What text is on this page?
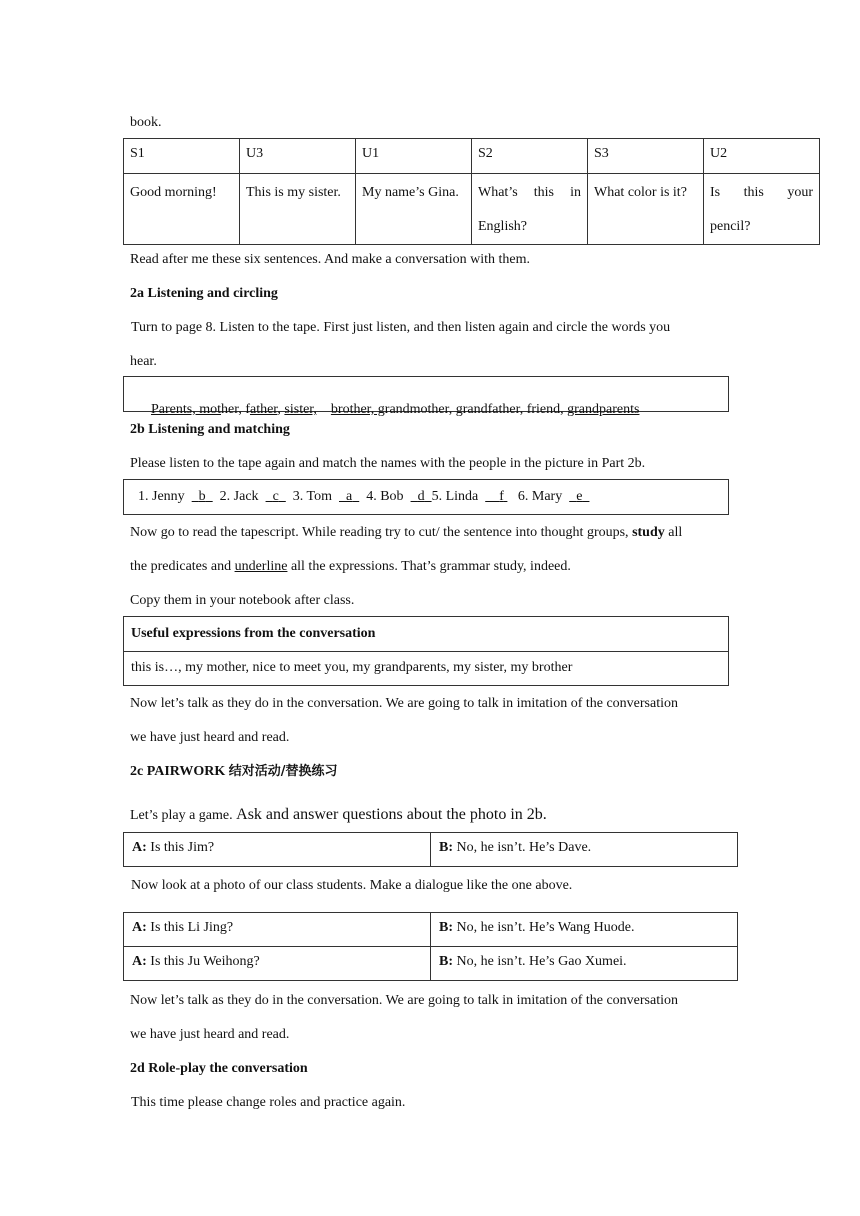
book.
S1	U3	U1	S2	S3	U2
Good morning!	This is my sister.	My name’s Gina.	What’s this in English?	What color is it?	Is this your pencil?
Read after me these six sentences. And make a conversation with them.
2a Listening and circling
Turn to page 8. Listen to the tape. First just listen, and then listen again and circle the words you
hear.

Parents, mother, father, sister, brother, grandmother, grandfather, friend, grandparents

2b Listening and matching
Please listen to the tape again and match the names with the people in the picture in Part 2b.
1. Jenny b 2. Jack c 3. Tom a 4. Bob d 5. Linda f 6. Mary e
Now go to read the tapescript. While reading try to cut/ the sentence into thought groups, study all
the predicates and underline all the expressions. That’s grammar study, indeed.
Copy them in your notebook after class.
Useful expressions from the conversation
this is…, my mother, nice to meet you, my grandparents, my sister, my brother
Now let’s talk as they do in the conversation. We are going to talk in imitation of the conversation
we have just heard and read.
2c PAIRWORK 结对活动/替换练习
Let’s play a game. Ask and answer questions about the photo in 2b.
A: Is this Jim?	B: No, he isn’t. He’s Dave.
Now look at a photo of our class students. Make a dialogue like the one above.
A: Is this Li Jing?	B: No, he isn’t. He’s Wang Huode.
A: Is this Ju Weihong?	B: No, he isn’t. He’s Gao Xumei.
Now let’s talk as they do in the conversation. We are going to talk in imitation of the conversation
we have just heard and read.
2d Role-play the conversation
This time please change roles and practice again.
